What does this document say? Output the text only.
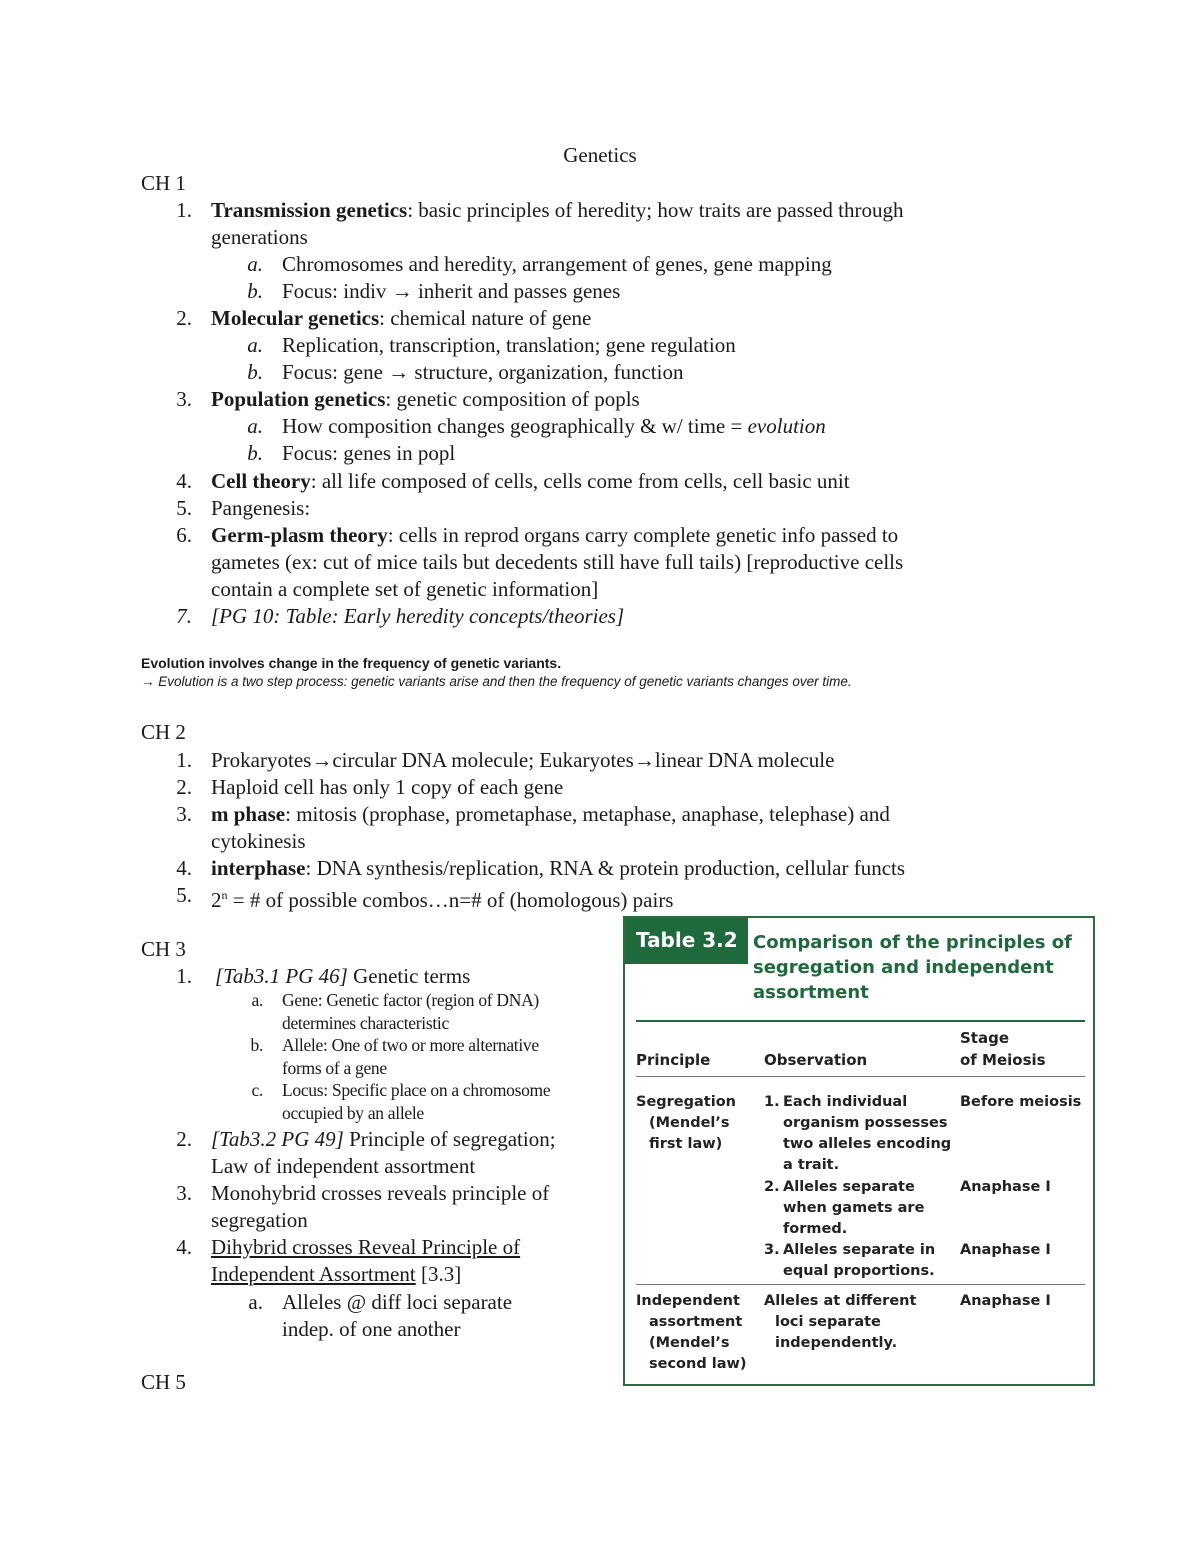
Genetics
CH 1
1. Transmission genetics: basic principles of heredity; how traits are passed through
generations
a. Chromosomes and heredity, arrangement of genes, gene mapping
b. Focus: indiv → inherit and passes genes
2. Molecular genetics: chemical nature of gene
a. Replication, transcription, translation; gene regulation
b. Focus: gene → structure, organization, function
3. Population genetics: genetic composition of popls
a. How composition changes geographically & w/ time = evolution
b. Focus: genes in popl
4. Cell theory: all life composed of cells, cells come from cells, cell basic unit
5. Pangenesis:
6. Germ-plasm theory: cells in reprod organs carry complete genetic info passed to
gametes (ex: cut of mice tails but decedents still have full tails) [reproductive cells
contain a complete set of genetic information]
7. [PG 10: Table: Early heredity concepts/theories]
Evolution involves change in the frequency of genetic variants.
→ Evolution is a two step process: genetic variants arise and then the frequency of genetic variants changes over time.
CH 2
1. Prokaryotes→circular DNA molecule; Eukaryotes→linear DNA molecule
2. Haploid cell has only 1 copy of each gene
3. m phase: mitosis (prophase, prometaphase, metaphase, anaphase, telephase) and
cytokinesis
4. interphase: DNA synthesis/replication, RNA & protein production, cellular functs
5. $2^n$ = # of possible combos…n=# of (homologous) pairs
CH 3
1. [Tab3.1 PG 46] Genetic terms
a. Gene: Genetic factor (region of DNA)
determines characteristic
b. Allele: One of two or more alternative
forms of a gene
c. Locus: Specific place on a chromosome
occupied by an allele
2. [Tab3.2 PG 49] Principle of segregation;
Law of independent assortment
3. Monohybrid crosses reveals principle of
segregation
4. Dihybrid crosses Reveal Principle of
Independent Assortment [3.3]
a. Alleles @ diff loci separate
indep. of one another
CH 5
Table 3.2 Comparison of the principles of segregation and independent assortment
Stage
Principle	Observation	of Meiosis
Segregation
(Mendel’s
first law)
1. Each individual
organism possesses
two alleles encoding
a trait.
Before meiosis
2. Alleles separate
when gamets are
formed.
Anaphase I
3. Alleles separate in
equal proportions.
Anaphase I
Independent
assortment
(Mendel’s
second law)
Alleles at different
loci separate
independently.
Anaphase I
